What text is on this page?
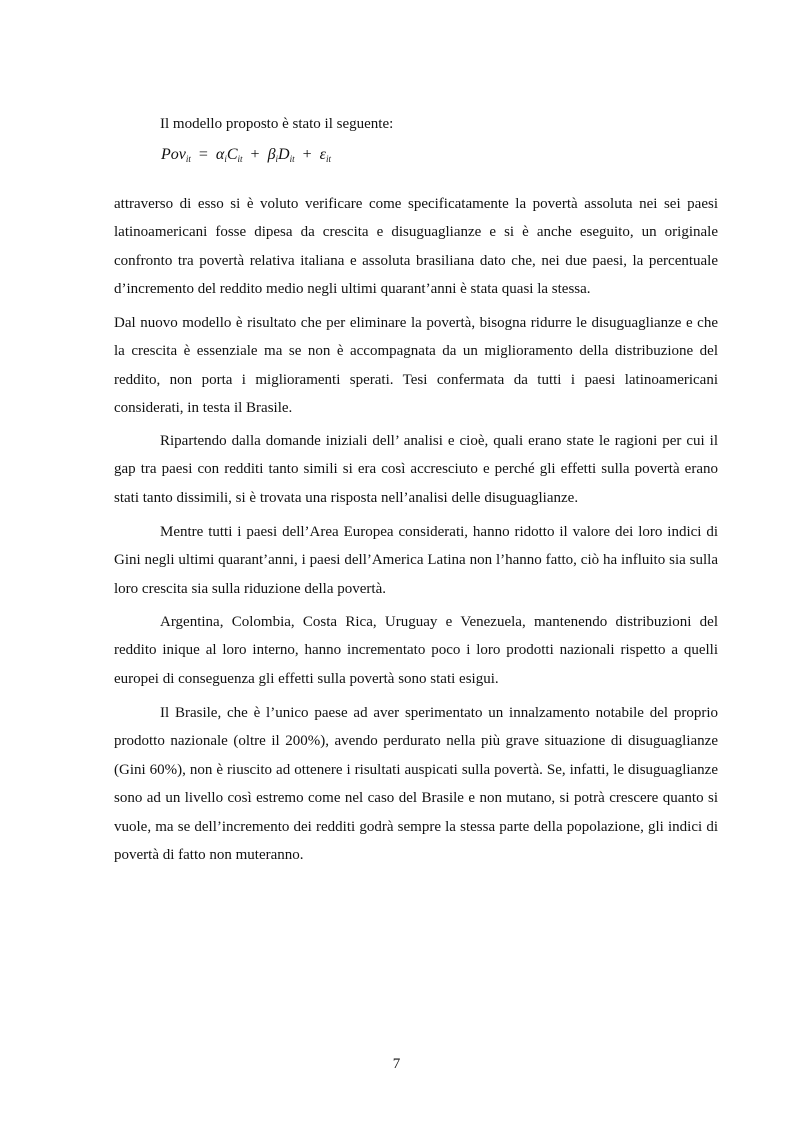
Il modello proposto è stato il seguente:

$Pov_{it} = \alpha_iC_{it} + \beta_iD_{it} + \varepsilon_{it}$

attraverso di esso si è voluto verificare come specificatamente la povertà assoluta nei sei paesi latinoamericani fosse dipesa da crescita e disuguaglianze e si è anche eseguito, un originale confronto tra povertà relativa italiana e assoluta brasiliana dato che, nei due paesi, la percentuale d’incremento del reddito medio negli ultimi quarant’anni è stata quasi la stessa.

Dal nuovo modello è risultato che per eliminare la povertà, bisogna ridurre le disuguaglianze e che la crescita è essenziale ma se non è accompagnata da un miglioramento della distribuzione del reddito, non porta i miglioramenti sperati. Tesi confermata da tutti i paesi latinoamericani considerati, in testa il Brasile.

Ripartendo dalla domande iniziali dell’ analisi e cioè, quali erano state le ragioni per cui il gap tra paesi con redditi tanto simili si era così accresciuto e perché gli effetti sulla povertà erano stati tanto dissimili, si è trovata una risposta nell’analisi delle disuguaglianze.

Mentre tutti i paesi dell’Area Europea considerati, hanno ridotto il valore dei loro indici di Gini negli ultimi quarant’anni, i paesi dell’America Latina non l’hanno fatto, ciò ha influito sia sulla loro crescita sia sulla riduzione della povertà.

Argentina, Colombia, Costa Rica, Uruguay e Venezuela, mantenendo distribuzioni del reddito inique al loro interno, hanno incrementato poco i loro prodotti nazionali rispetto a quelli europei di conseguenza gli effetti sulla povertà sono stati esigui.

Il Brasile, che è l’unico paese ad aver sperimentato un innalzamento notabile del proprio prodotto nazionale (oltre il 200%), avendo perdurato nella più grave situazione di disuguaglianze (Gini 60%), non è riuscito ad ottenere i risultati auspicati sulla povertà. Se, infatti, le disuguaglianze sono ad un livello così estremo come nel caso del Brasile e non mutano, si potrà crescere quanto si vuole, ma se dell’incremento dei redditi godrà sempre la stessa parte della popolazione, gli indici di povertà di fatto non muteranno.

7
